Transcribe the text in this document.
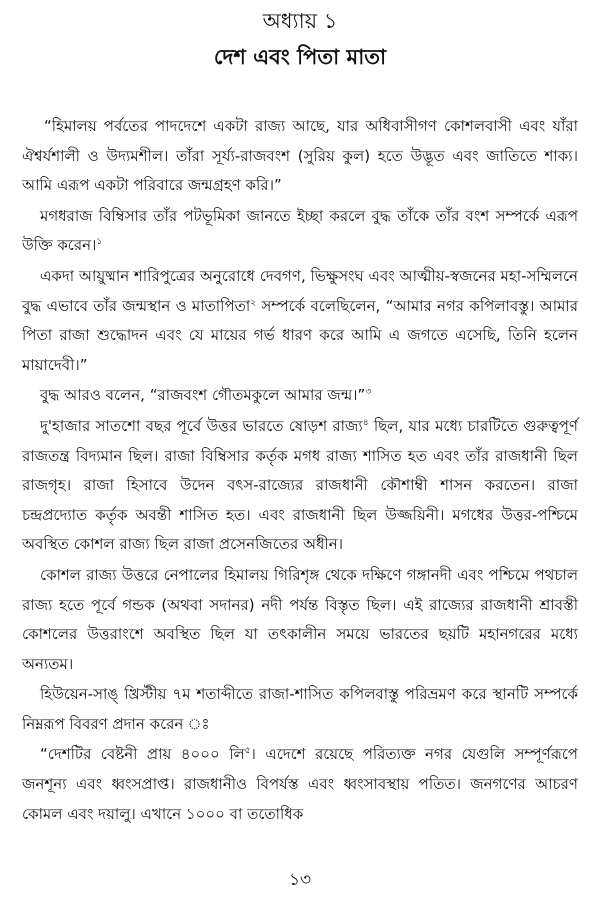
অধ্যায় ১
দেশ এবং পিতা মাতা

“হিমালয় পর্বতের পাদদেশে একটা রাজ্য আছে, যার অধিবাসীগণ কোশলবাসী এবং যাঁরা ঐশ্বর্যশালী ও উদ্যমশীল। তাঁরা সূর্য্য-রাজবংশ (সুরিয় কুল) হতে উদ্ভূত এবং জাতিতে শাক্য। আমি এরূপ একটা পরিবারে জন্মগ্রহণ করি।”

মগধরাজ বিম্বিসার তাঁর পটভূমিকা জানতে ইচ্ছা করলে বুদ্ধ তাঁকে তাঁর বংশ সম্পর্কে এরূপ উক্তি করেন।$^১$

একদা আয়ুষ্মান শারিপুত্রের অনুরোধে দেবগণ, ভিক্ষুসংঘ এবং আত্মীয়-স্বজনের মহা-সম্মিলনে বুদ্ধ এভাবে তাঁর জন্মস্থান ও মাতাপিতা$^২$ সম্পর্কে বলেছিলেন, “আমার নগর কপিলাবস্তু। আমার পিতা রাজা শুদ্ধোদন এবং যে মায়ের গর্ভ ধারণ করে আমি এ জগতে এসেছি, তিনি হলেন মায়াদেবী।”

বুদ্ধ আরও বলেন, “রাজবংশ গৌতমকুলে আমার জন্ম।”$^৩$

দু'হাজার সাতশো বছর পূর্বে উত্তর ভারতে ষোড়শ রাজ্য$^৪$ ছিল, যার মধ্যে চারটিতে গুরুত্বপূর্ণ রাজতন্ত্র বিদ্যমান ছিল। রাজা বিম্বিসার কর্তৃক মগধ রাজ্য শাসিত হত এবং তাঁর রাজধানী ছিল রাজগৃহ। রাজা হিসাবে উদেন বৎস-রাজ্যের রাজধানী কৌশাম্বী শাসন করতেন। রাজা চন্দ্রপ্রদ্যোত কর্তৃক অবন্তী শাসিত হত। এবং রাজধানী ছিল উজ্জয়িনী। মগধের উত্তর-পশ্চিমে অবস্থিত কোশল রাজ্য ছিল রাজা প্রসেনজিতের অধীন।

কোশল রাজ্য উত্তরে নেপালের হিমালয় গিরিশৃঙ্গ থেকে দক্ষিণে গঙ্গানদী এবং পশ্চিমে পথচাল রাজ্য হতে পূর্বে গন্ডক (অথবা সদানর) নদী পর্যন্ত বিস্তৃত ছিল। এই রাজ্যের রাজধানী শ্রাবস্তী কোশলের উত্তরাংশে অবস্থিত ছিল যা তৎকালীন সময়ে ভারতের ছয়টি মহানগরের মধ্যে অন্যতম।

হিউয়েন-সাঙ্ খ্রিস্টীয় ৭ম শতাব্দীতে রাজা-শাসিত কপিলবাস্তু পরিভ্রমণ করে স্থানটি সম্পর্কে নিম্নরূপ বিবরণ প্রদান করেন ঃ

“দেশটির বেষ্টনী প্রায় ৪০০০ লি$^৫$। এদেশে রয়েছে পরিত্যক্ত নগর যেগুলি সম্পূর্ণরূপে জনশূন্য এবং ধ্বংসপ্রাপ্ত। রাজধানীও বিপর্যস্ত এবং ধ্বংসাবস্থায় পতিত। জনগণের আচরণ কোমল এবং দয়ালু। এখানে ১০০০ বা ততোধিক

১৩
